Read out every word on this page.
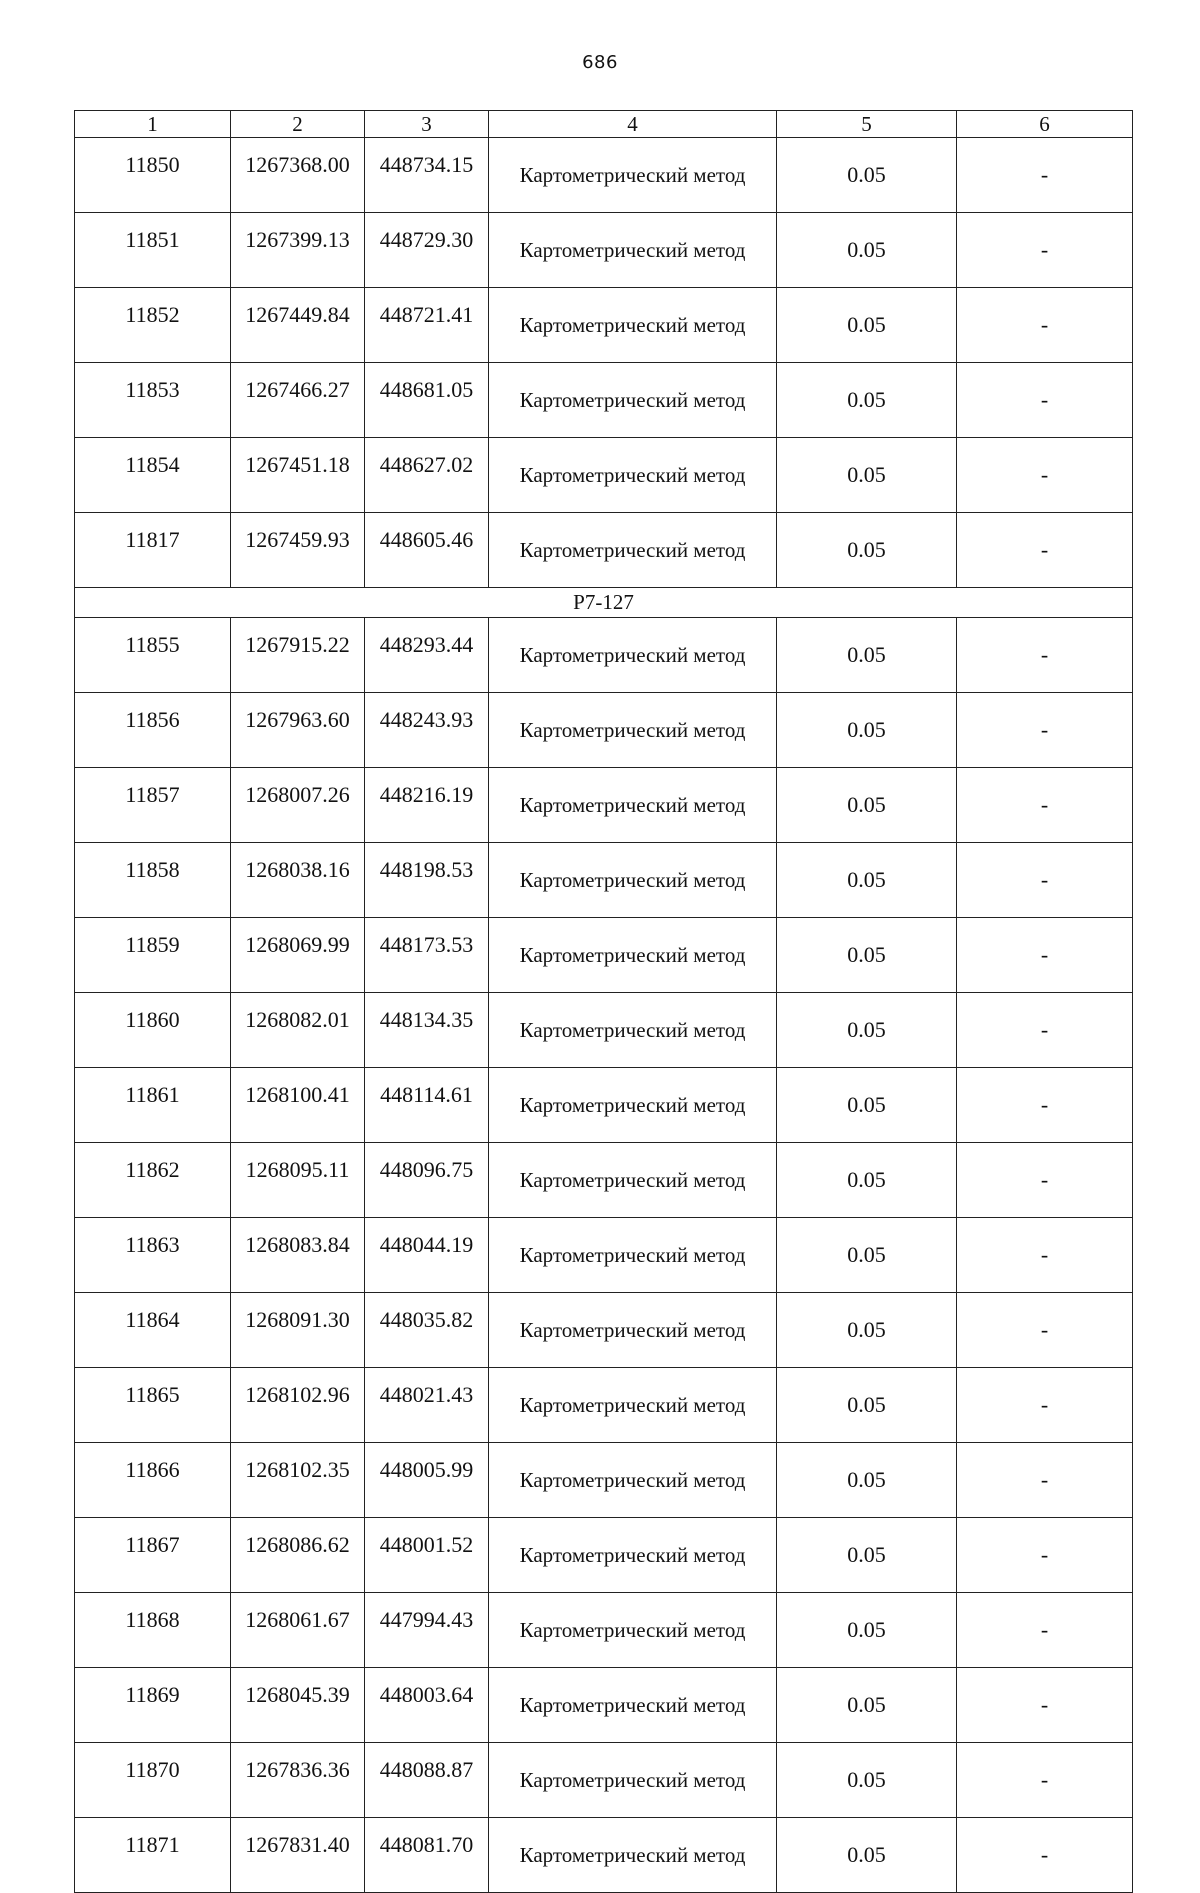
686
1	2	3	4	5	6
11850	1267368.00	448734.15	Картометрический метод	0.05	-
11851	1267399.13	448729.30	Картометрический метод	0.05	-
11852	1267449.84	448721.41	Картометрический метод	0.05	-
11853	1267466.27	448681.05	Картометрический метод	0.05	-
11854	1267451.18	448627.02	Картометрический метод	0.05	-
11817	1267459.93	448605.46	Картометрический метод	0.05	-
P7-127					
11855	1267915.22	448293.44	Картометрический метод	0.05	-
11856	1267963.60	448243.93	Картометрический метод	0.05	-
11857	1268007.26	448216.19	Картометрический метод	0.05	-
11858	1268038.16	448198.53	Картометрический метод	0.05	-
11859	1268069.99	448173.53	Картометрический метод	0.05	-
11860	1268082.01	448134.35	Картометрический метод	0.05	-
11861	1268100.41	448114.61	Картометрический метод	0.05	-
11862	1268095.11	448096.75	Картометрический метод	0.05	-
11863	1268083.84	448044.19	Картометрический метод	0.05	-
11864	1268091.30	448035.82	Картометрический метод	0.05	-
11865	1268102.96	448021.43	Картометрический метод	0.05	-
11866	1268102.35	448005.99	Картометрический метод	0.05	-
11867	1268086.62	448001.52	Картометрический метод	0.05	-
11868	1268061.67	447994.43	Картометрический метод	0.05	-
11869	1268045.39	448003.64	Картометрический метод	0.05	-
11870	1267836.36	448088.87	Картометрический метод	0.05	-
11871	1267831.40	448081.70	Картометрический метод	0.05	-
